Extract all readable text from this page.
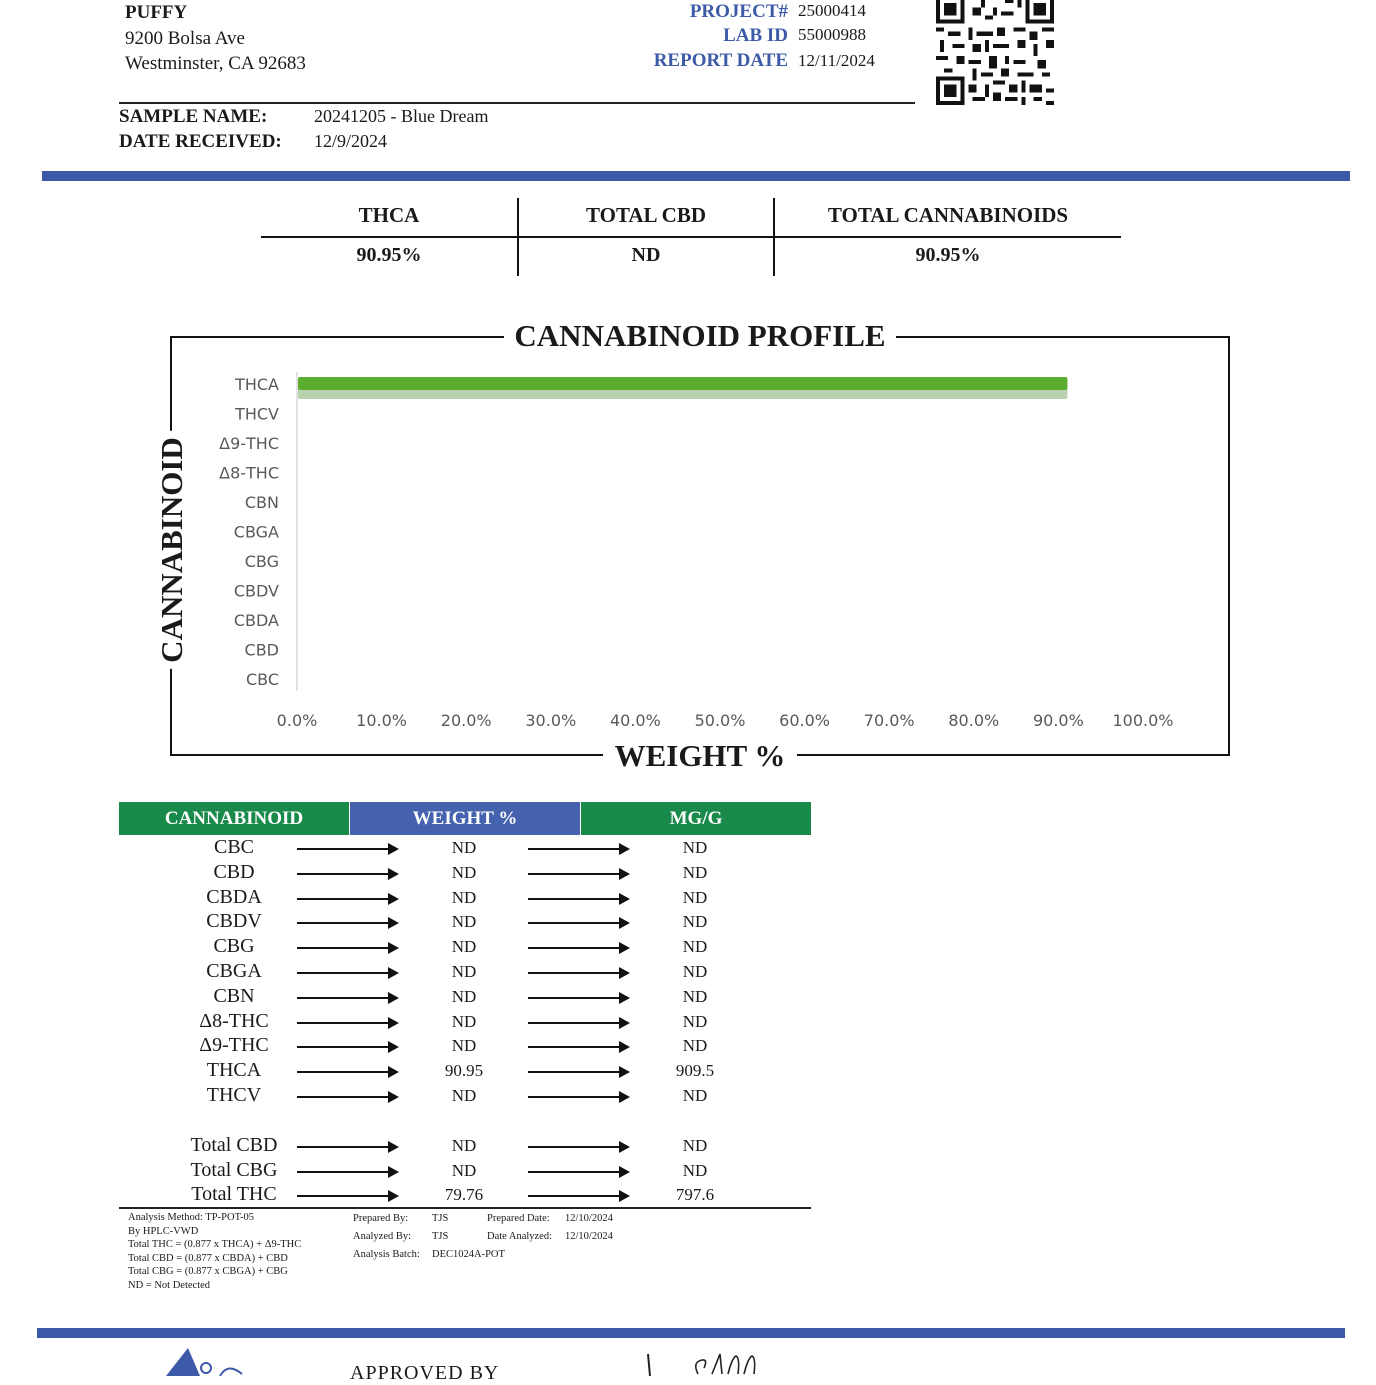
PUFFY
9200 Bolsa Ave
Westminster, CA 92683
PROJECT# 25000414
LAB ID 55000988
REPORT DATE 12/11/2024
SAMPLE NAME:	20241205 - Blue Dream
DATE RECEIVED: 12/9/2024
THCA	TOTAL CBD	TOTAL CANNABINOIDS
90.95%	ND	90.95%
CANNABINOID PROFILE
WEIGHT %
CANNABINOID
THCA
THCV
Δ9-THC
Δ8-THC
CBN
CBGA
CBG
CBDV
CBDA
CBD
CBC
0.0% 10.0% 20.0% 30.0% 40.0% 50.0% 60.0% 70.0% 80.0% 90.0% 100.0%
CANNABINOID	WEIGHT %	MG/G
CBC	ND	ND
CBD	ND	ND
CBDA	ND	ND
CBDV	ND	ND
CBG	ND	ND
CBGA	ND	ND
CBN	ND	ND
Δ8-THC	ND	ND
Δ9-THC	ND	ND
THCA	90.95	909.5
THCV	ND	ND
Total CBD	ND	ND
Total CBG	ND	ND
Total THC	79.76	797.6
Analysis Method: TP-POT-05
By HPLC-VWD
Total THC = (0.877 x THCA) + Δ9-THC
Total CBD = (0.877 x CBDA) + CBD
Total CBG = (0.877 x CBGA) + CBG
ND = Not Detected
Prepared By: TJS
Analyzed By: TJS
Analysis Batch: DEC1024A-POT
Prepared Date: 12/10/2024
Date Analyzed: 12/10/2024
APPROVED BY
